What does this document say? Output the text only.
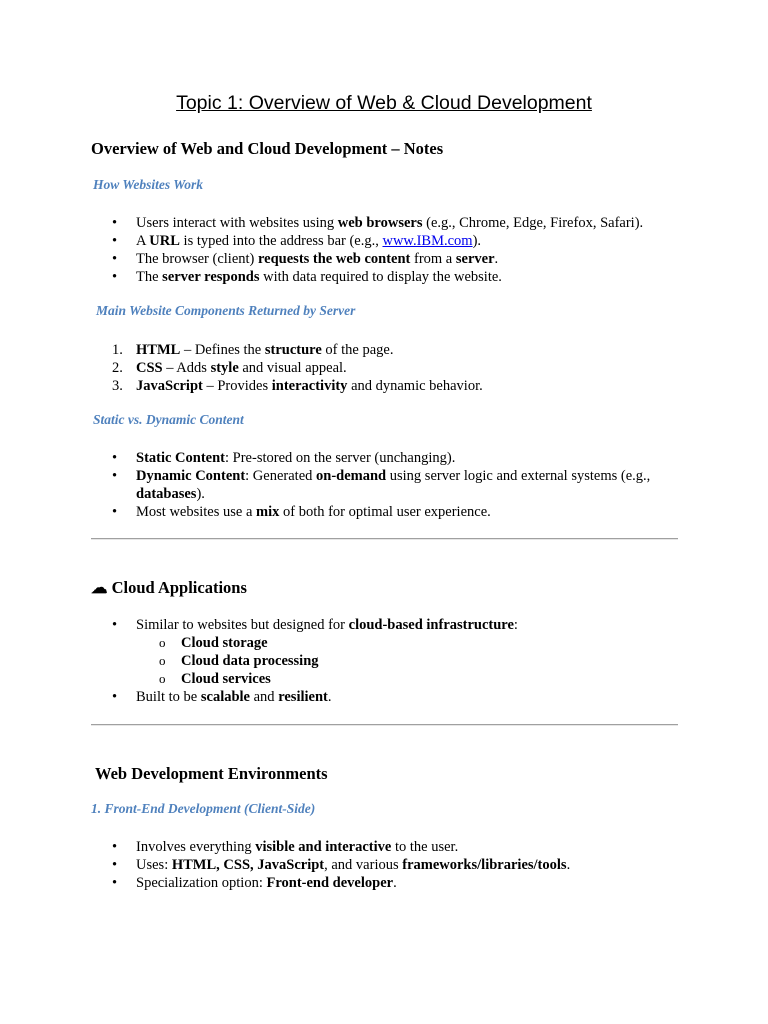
Topic 1: Overview of Web & Cloud Development
Overview of Web and Cloud Development – Notes
How Websites Work
•	Users interact with websites using web browsers (e.g., Chrome, Edge, Firefox, Safari).
•	A URL is typed into the address bar (e.g., www.IBM.com).
•	The browser (client) requests the web content from a server.
•	The server responds with data required to display the website.
Main Website Components Returned by Server
1. HTML – Defines the structure of the page.
2. CSS – Adds style and visual appeal.
3. JavaScript – Provides interactivity and dynamic behavior.
Static vs. Dynamic Content
•	Static Content: Pre-stored on the server (unchanging).
•	Dynamic Content: Generated on-demand using server logic and external systems (e.g., databases).
•	Most websites use a mix of both for optimal user experience.
☁ Cloud Applications
•	Similar to websites but designed for cloud-based infrastructure:
o Cloud storage
o Cloud data processing
o Cloud services
•	Built to be scalable and resilient.
Web Development Environments
1. Front-End Development (Client-Side)
•	Involves everything visible and interactive to the user.
•	Uses: HTML, CSS, JavaScript, and various frameworks/libraries/tools.
•	Specialization option: Front-end developer.
